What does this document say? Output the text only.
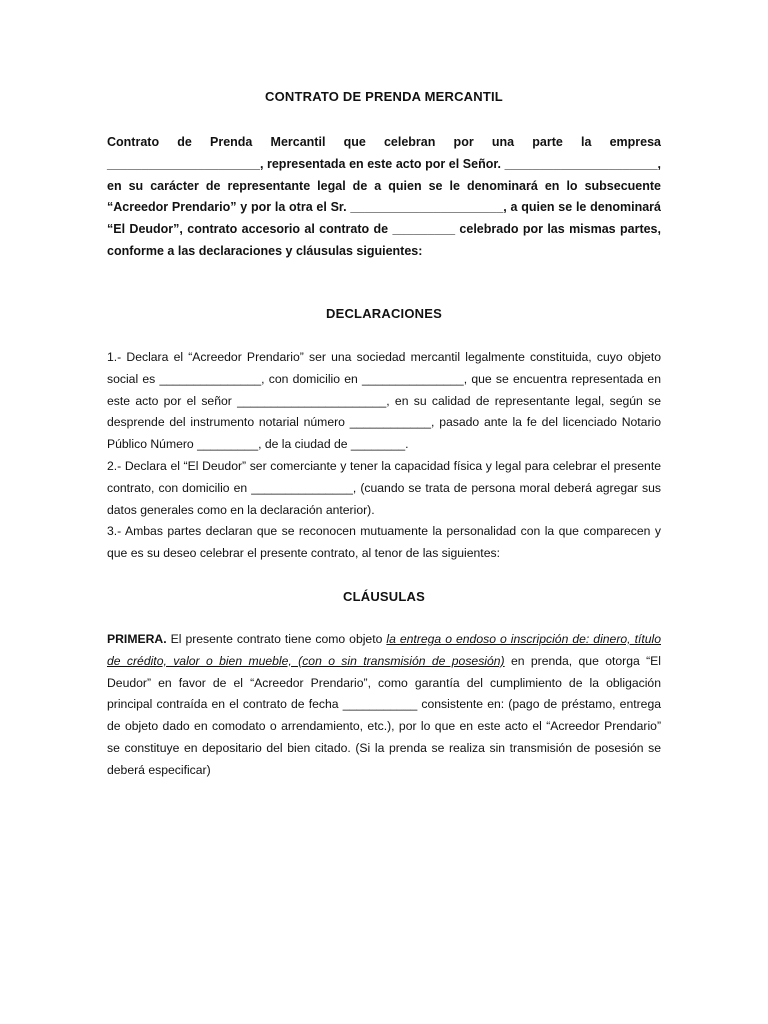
CONTRATO DE PRENDA MERCANTIL
Contrato de Prenda Mercantil que celebran por una parte la empresa ______________________, representada en este acto por el Señor. ______________________, en su carácter de representante legal de a quien se le denominará en lo subsecuente “Acreedor Prendario” y por la otra el Sr. ______________________, a quien se le denominará “El Deudor”, contrato accesorio al contrato de _________ celebrado por las mismas partes, conforme a las declaraciones y cláusulas siguientes:
DECLARACIONES
1.- Declara el “Acreedor Prendario” ser una sociedad mercantil legalmente constituida, cuyo objeto social es _______________, con domicilio en _______________, que se encuentra representada en este acto por el señor ______________________, en su calidad de representante legal, según se desprende del instrumento notarial número ____________, pasado ante la fe del licenciado Notario Público Número _________, de la ciudad de ________.
2.- Declara el “El Deudor” ser comerciante y tener la capacidad física y legal para celebrar el presente contrato, con domicilio en _______________, (cuando se trata de persona moral deberá agregar sus datos generales como en la declaración anterior).
3.- Ambas partes declaran que se reconocen mutuamente la personalidad con la que comparecen y que es su deseo celebrar el presente contrato, al tenor de las siguientes:
CLÁUSULAS
PRIMERA. El presente contrato tiene como objeto la entrega o endoso o inscripción de: dinero, título de crédito, valor o bien mueble, (con o sin transmisión de posesión) en prenda, que otorga “El Deudor” en favor de el “Acreedor Prendario”, como garantía del cumplimiento de la obligación principal contraída en el contrato de fecha ___________ consistente en: (pago de préstamo, entrega de objeto dado en comodato o arrendamiento, etc.), por lo que en este acto el “Acreedor Prendario” se constituye en depositario del bien citado. (Si la prenda se realiza sin transmisión de posesión se deberá especificar)
